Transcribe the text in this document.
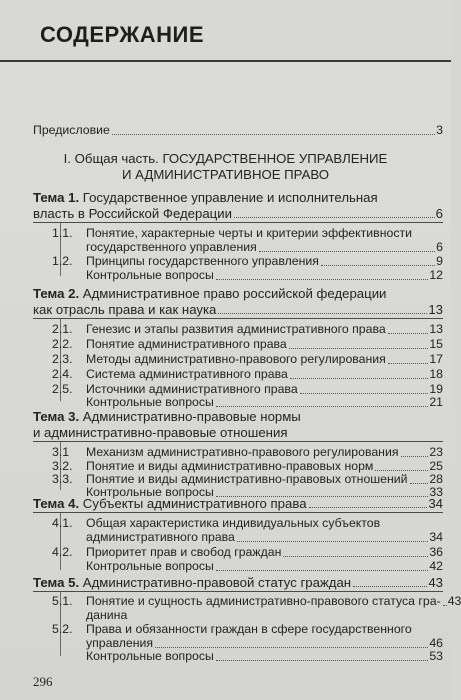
СОДЕРЖАНИЕ
Предисловие	3
I. Общая часть. ГОСУДАРСТВЕННОЕ УПРАВЛЕНИЕ
И АДМИНИСТРАТИВНОЕ ПРАВО
Тема 1. Государственное управление и исполнительная
власть в Российской Федерации	6
1.1. Понятие, характерные черты и критерии эффективности
государственного управления	6
1.2.	Принципы государственного управления	9
Контрольные вопросы	12
Тема 2. Административное право российской федерации
как отрасль права и как наука	13
2.1.	Генезис и этапы развития административного права	13
2.2.	Понятие административного права	15
2.3.	Методы административно-правового регулирования	17
2.4.	Система административного права	18
2.5.	Источники административного права	19
Контрольные вопросы	21
Тема 3. Административно-правовые нормы
и административно-правовые отношения
3.1	Механизм административно-правового регулирования	23
3.2.	Понятие и виды административно-правовых норм	25
3.3.	Понятие и виды административно-правовых отношений 28
Контрольные вопросы	33
Тема 4. Субъекты административного права	34
4.1. Общая характеристика индивидуальных субъектов
административного права	34
4.2.	Приоритет прав и свобод граждан	36
Контрольные вопросы	42
Тема 5. Административно-правовой статус граждан	43
5.1.	Понятие и сущность административно-правового статуса гра- 43
данина
5.2. Права и обязанности граждан в сфере государственного
управления	46
Контрольные вопросы	53
296
